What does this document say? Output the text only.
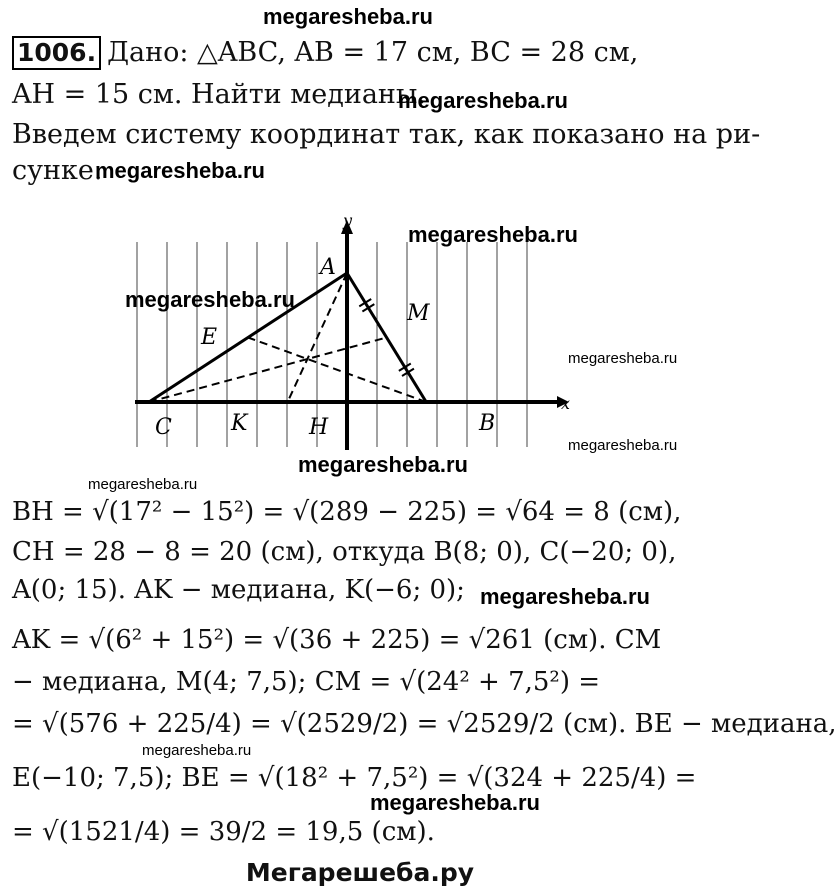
megaresheba.ru
1006. Дано: △ABC, AB = 17 см, BC = 28 см,
AH = 15 см. Найти медианы.
megaresheba.ru
Введем систему координат так, как показано на ри-
сунке.
megaresheba.ru
y
x
A
M
E
C	K	H	B
megaresheba.ru
megaresheba.ru
megaresheba.ru
megaresheba.ru
megaresheba.ru
megaresheba.ru
BH = √(17² − 15²) = √(289 − 225) = √64 = 8 (см),
CH = 28 − 8 = 20 (см), откуда B(8; 0), C(−20; 0),
A(0; 15). AK − медиана, K(−6; 0); megaresheba.ru
AK = √(6² + 15²) = √(36 + 225) = √261 (см). CM
− медиана, M(4; 7,5); CM = √(24² + 7,5²) =
= √(576 + 225/4) = √(2529/2) = √2529/2 (см). BE − медиана,
megaresheba.ru
E(−10; 7,5); BE = √(18² + 7,5²) = √(324 + 225/4) =
megaresheba.ru
= √(1521/4) = 39/2 = 19,5 (см).
Мегарешеба.ру
